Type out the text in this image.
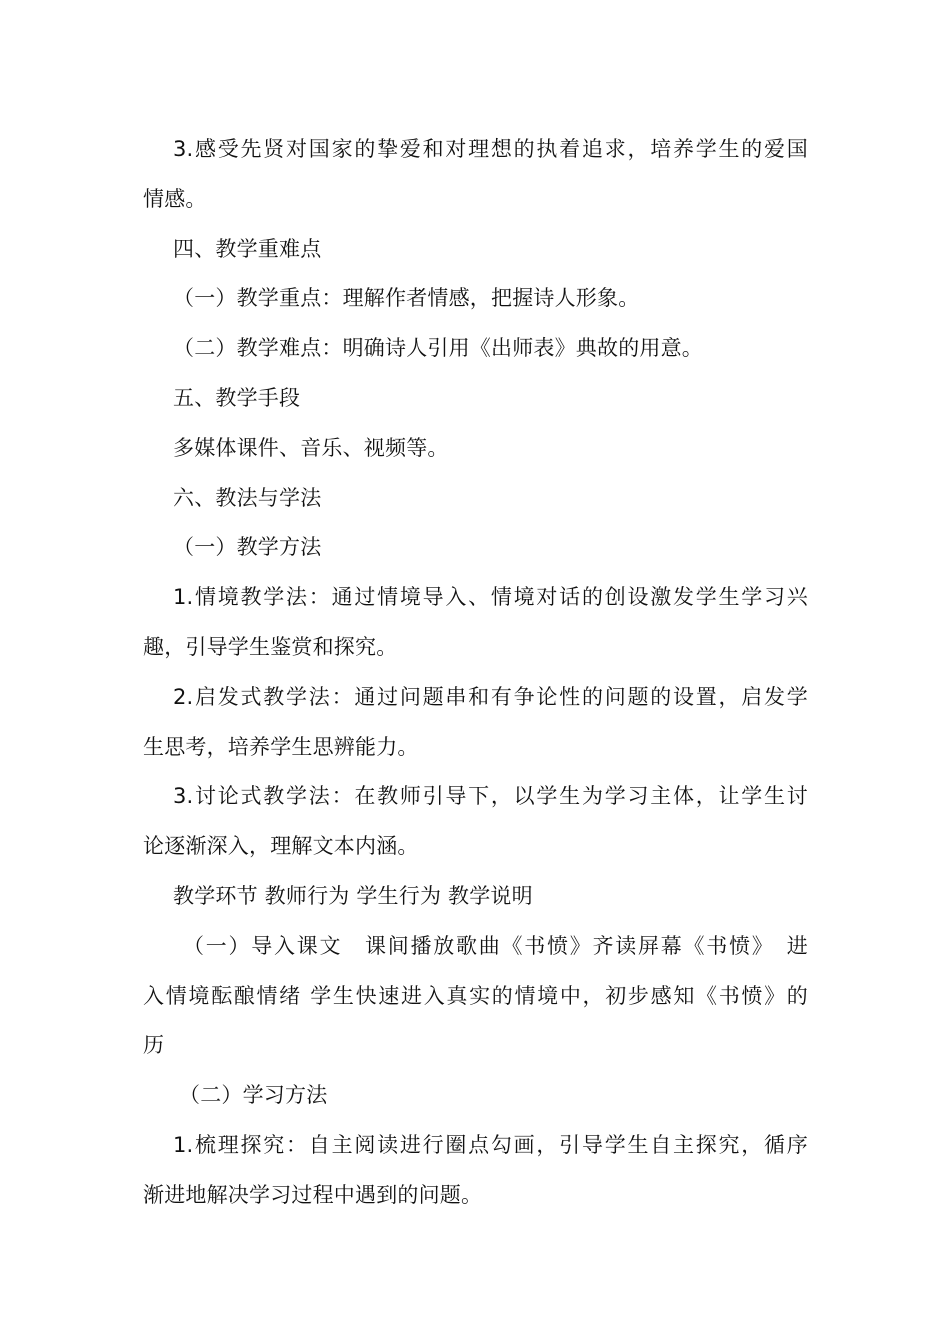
3.感受先贤对国家的挚爱和对理想的执着追求，培养学生的爱国
情感。
四、教学重难点
（一）教学重点：理解作者情感，把握诗人形象。
（二）教学难点：明确诗人引用《出师表》典故的用意。
五、教学手段
多媒体课件、音乐、视频等。
六、教法与学法
（一）教学方法
1.情境教学法：通过情境导入、情境对话的创设激发学生学习兴
趣，引导学生鉴赏和探究。
2.启发式教学法：通过问题串和有争论性的问题的设置，启发学
生思考，培养学生思辨能力。
3.讨论式教学法：在教师引导下，以学生为学习主体，让学生讨
论逐渐深入，理解文本内涵。
教学环节 教师行为 学生行为 教学说明
（一）导入课文　课间播放歌曲《书愤》齐读屏幕《书愤》　进
入情境酝酿情绪 学生快速进入真实的情境中，初步感知《书愤》的
历
（二）学习方法
1.梳理探究：自主阅读进行圈点勾画，引导学生自主探究，循序
渐进地解决学习过程中遇到的问题。
